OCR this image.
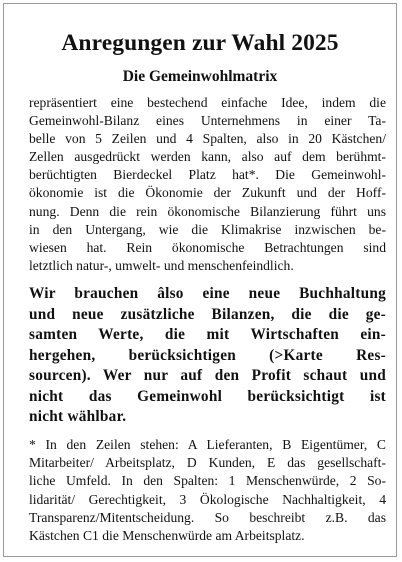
Anregungen zur Wahl 2025
Die Gemeinwohlmatrix
repräsentiert eine bestechend einfache Idee, indem die
Gemeinwohl-Bilanz eines Unternehmens in einer Ta-
belle von 5 Zeilen und 4 Spalten, also in 20 Kästchen/
Zellen ausgedrückt werden kann, also auf dem berühmt-
berüchtigten Bierdeckel Platz hat*. Die Gemeinwohl-
ökonomie ist die Ökonomie der Zukunft und der Hoff-
nung. Denn die rein ökonomische Bilanzierung führt uns
in den Untergang, wie die Klimakrise inzwischen be-
wiesen hat. Rein ökonomische Betrachtungen sind
letztlich natur-, umwelt- und menschenfeindlich.
Wir brauchen âlso eine neue Buchhaltung
und neue zusätzliche Bilanzen, die die ge-
samten Werte, die mit Wirtschaften ein-
hergehen, berücksichtigen (>Karte Res-
sourcen). Wer nur auf den Profit schaut und
nicht das Gemeinwohl berücksichtigt ist
nicht wählbar.
* In den Zeilen stehen: A Lieferanten, B Eigentümer, C
Mitarbeiter/ Arbeitsplatz, D Kunden, E das gesellschaft-
liche Umfeld. In den Spalten: 1 Menschenwürde, 2 So-
lidarität/ Gerechtigkeit, 3 Ökologische Nachhaltigkeit, 4
Transparenz/Mitentscheidung. So beschreibt z.B. das
Kästchen C1 die Menschenwürde am Arbeitsplatz.
